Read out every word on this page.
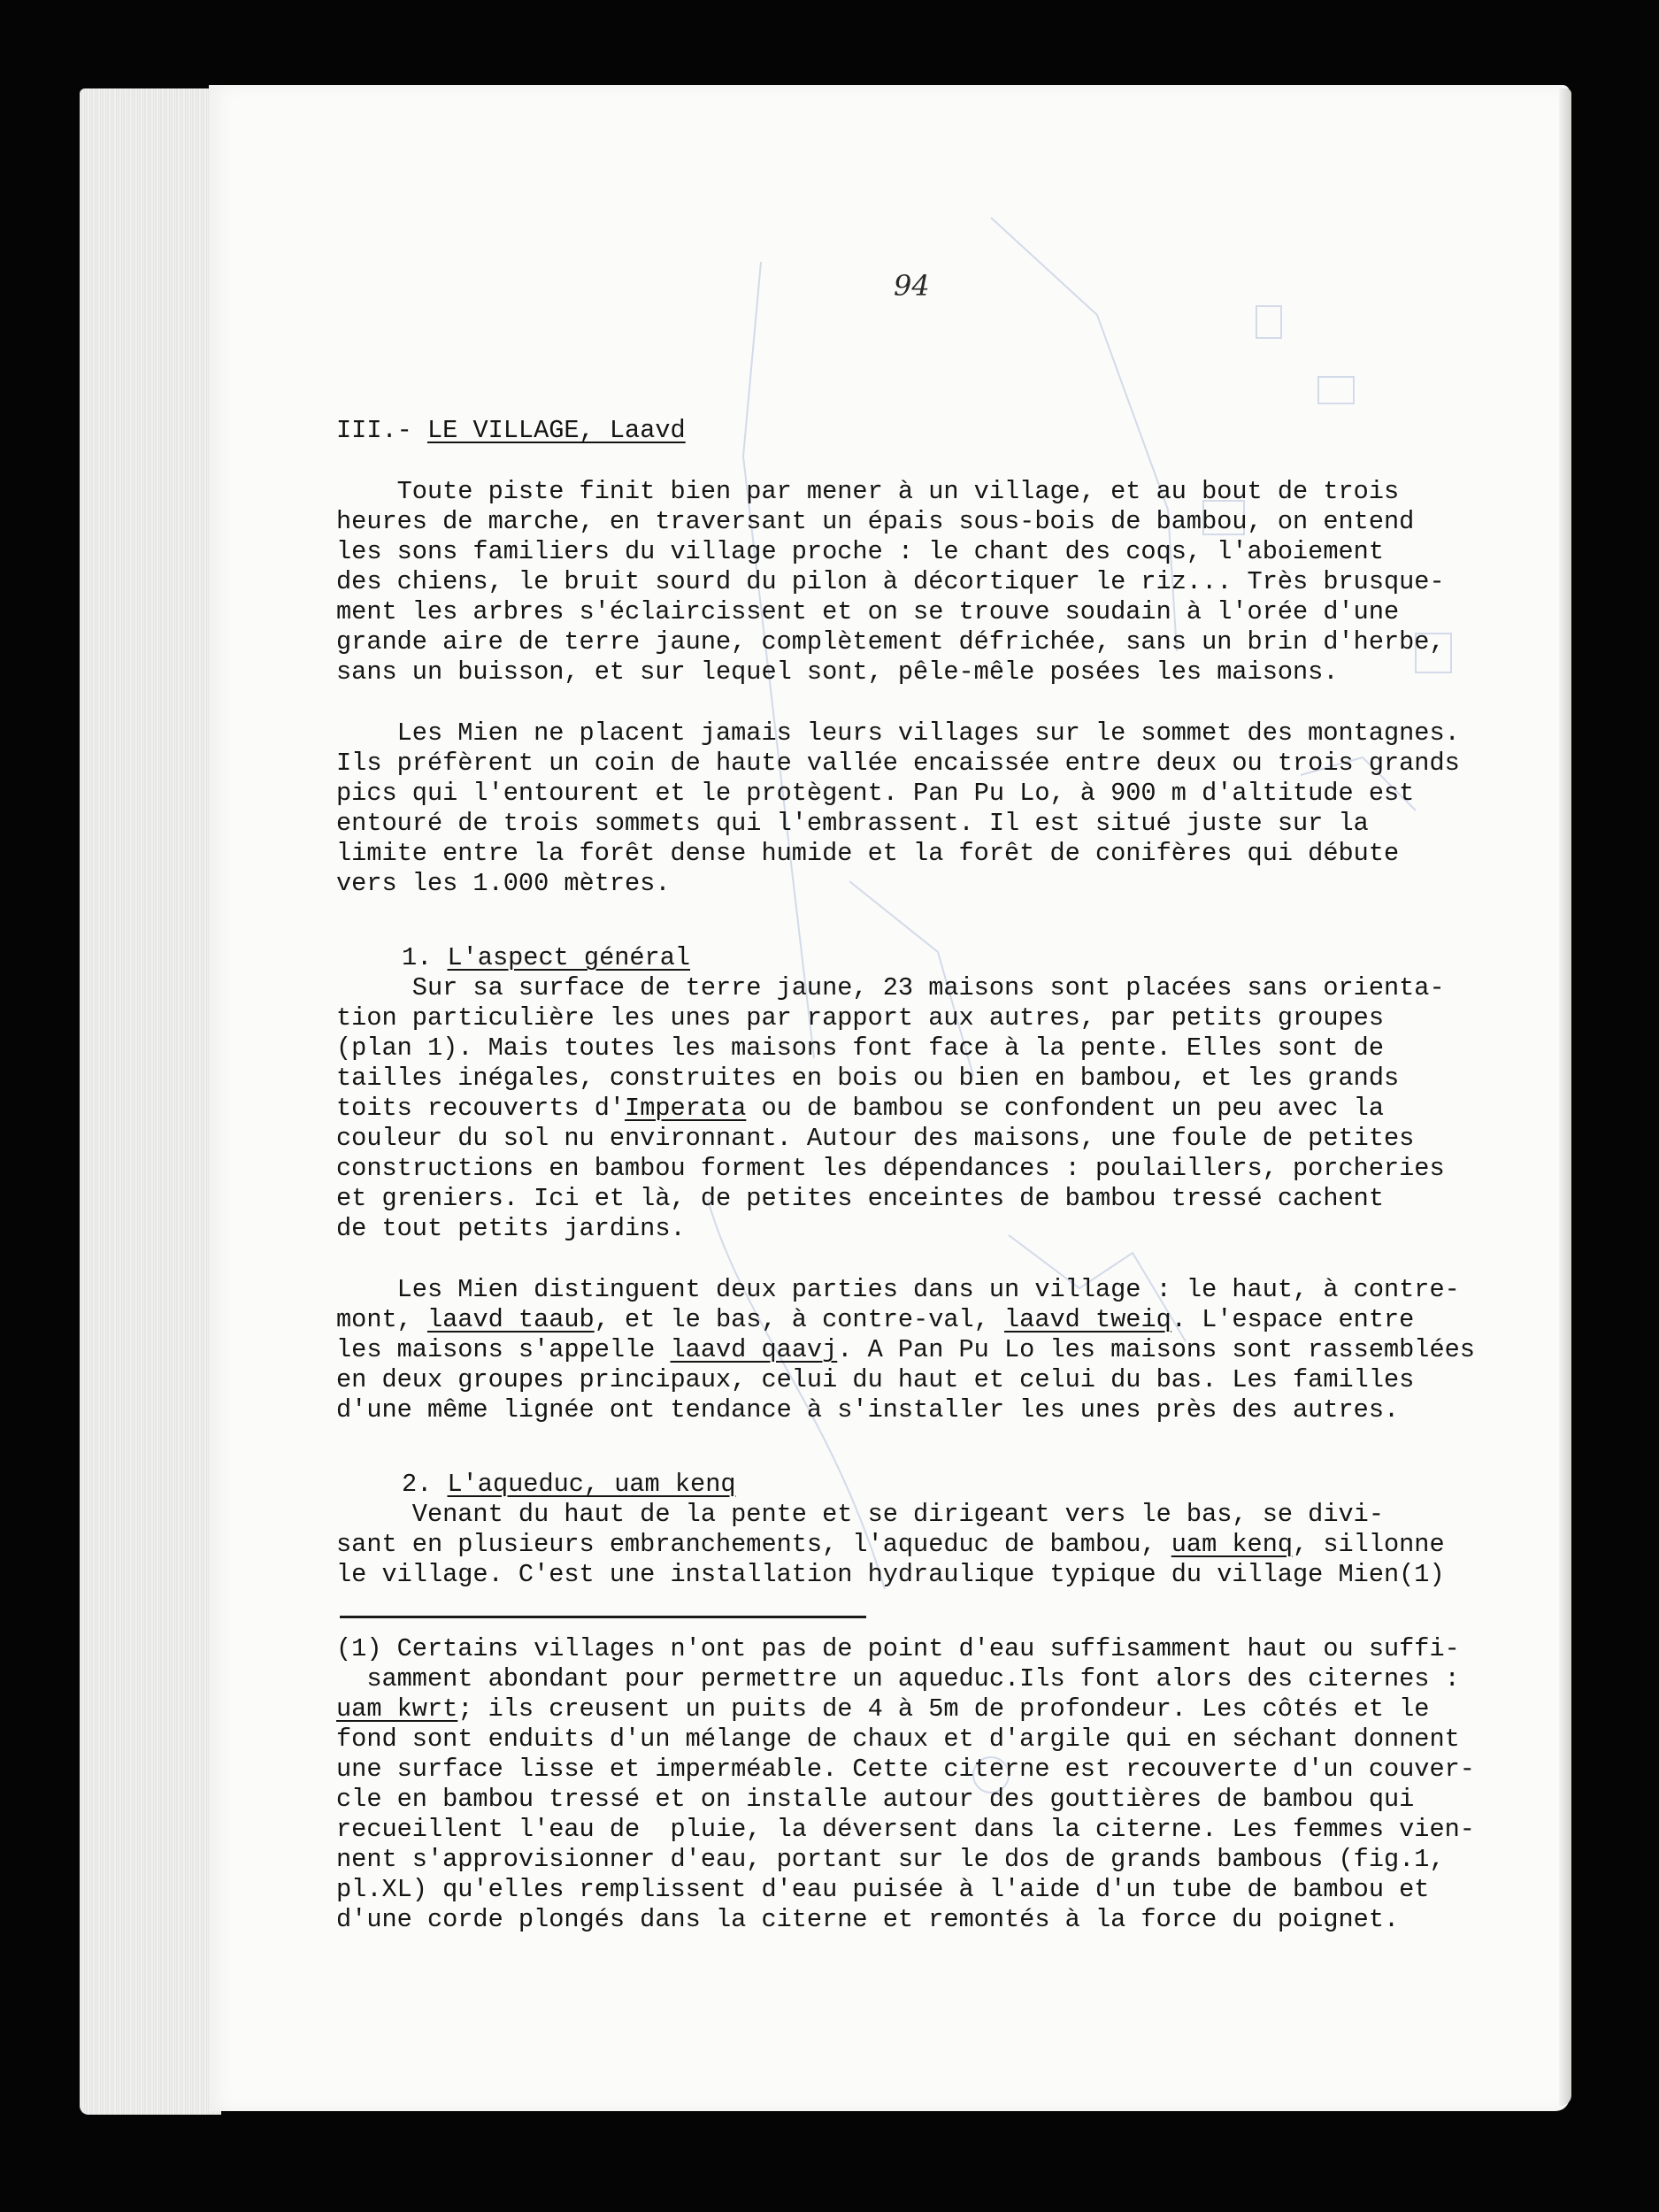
94

III.- LE VILLAGE, Laavd

Toute piste finit bien par mener à un village, et au bout de trois

heures de marche, en traversant un épais sous-bois de bambou, on entend

les sons familiers du village proche : le chant des coqs, l'aboiement

des chiens, le bruit sourd du pilon à décortiquer le riz... Très brusque-

ment les arbres s'éclaircissent et on se trouve soudain à l'orée d'une

grande aire de terre jaune, complètement défrichée, sans un brin d'herbe,

sans un buisson, et sur lequel sont, pêle-mêle posées les maisons.

Les Mien ne placent jamais leurs villages sur le sommet des montagnes.

Ils préfèrent un coin de haute vallée encaissée entre deux ou trois grands

pics qui l'entourent et le protègent. Pan Pu Lo, à 900 m d'altitude est

entouré de trois sommets qui l'embrassent. Il est situé juste sur la

limite entre la forêt dense humide et la forêt de conifères qui débute

vers les 1.000 mètres.

1. L'aspect général

Sur sa surface de terre jaune, 23 maisons sont placées sans orienta-

tion particulière les unes par rapport aux autres, par petits groupes

(plan 1). Mais toutes les maisons font face à la pente. Elles sont de

tailles inégales, construites en bois ou bien en bambou, et les grands

toits recouverts d'Imperata ou de bambou se confondent un peu avec la

couleur du sol nu environnant. Autour des maisons, une foule de petites

constructions en bambou forment les dépendances : poulaillers, porcheries

et greniers. Ici et là, de petites enceintes de bambou tressé cachent

de tout petits jardins.

Les Mien distinguent deux parties dans un village : le haut, à contre-

mont, laavd taaub, et le bas, à contre-val, laavd tweiq. L'espace entre

les maisons s'appelle laavd qaavj. A Pan Pu Lo les maisons sont rassemblées

en deux groupes principaux, celui du haut et celui du bas. Les familles

d'une même lignée ont tendance à s'installer les unes près des autres.

2. L'aqueduc, uam kenq

Venant du haut de la pente et se dirigeant vers le bas, se divi-

sant en plusieurs embranchements, l'aqueduc de bambou, uam kenq, sillonne

le village. C'est une installation hydraulique typique du village Mien(1)

(1) Certains villages n'ont pas de point d'eau suffisamment haut ou suffi-

samment abondant pour permettre un aqueduc.Ils font alors des citernes :

uam kwrt; ils creusent un puits de 4 à 5m de profondeur. Les côtés et le

fond sont enduits d'un mélange de chaux et d'argile qui en séchant donnent

une surface lisse et imperméable. Cette citerne est recouverte d'un couver-

cle en bambou tressé et on installe autour des gouttières de bambou qui

recueillent l'eau de  pluie, la déversent dans la citerne. Les femmes vien-

nent s'approvisionner d'eau, portant sur le dos de grands bambous (fig.1,

pl.XL) qu'elles remplissent d'eau puisée à l'aide d'un tube de bambou et

d'une corde plongés dans la citerne et remontés à la force du poignet.
